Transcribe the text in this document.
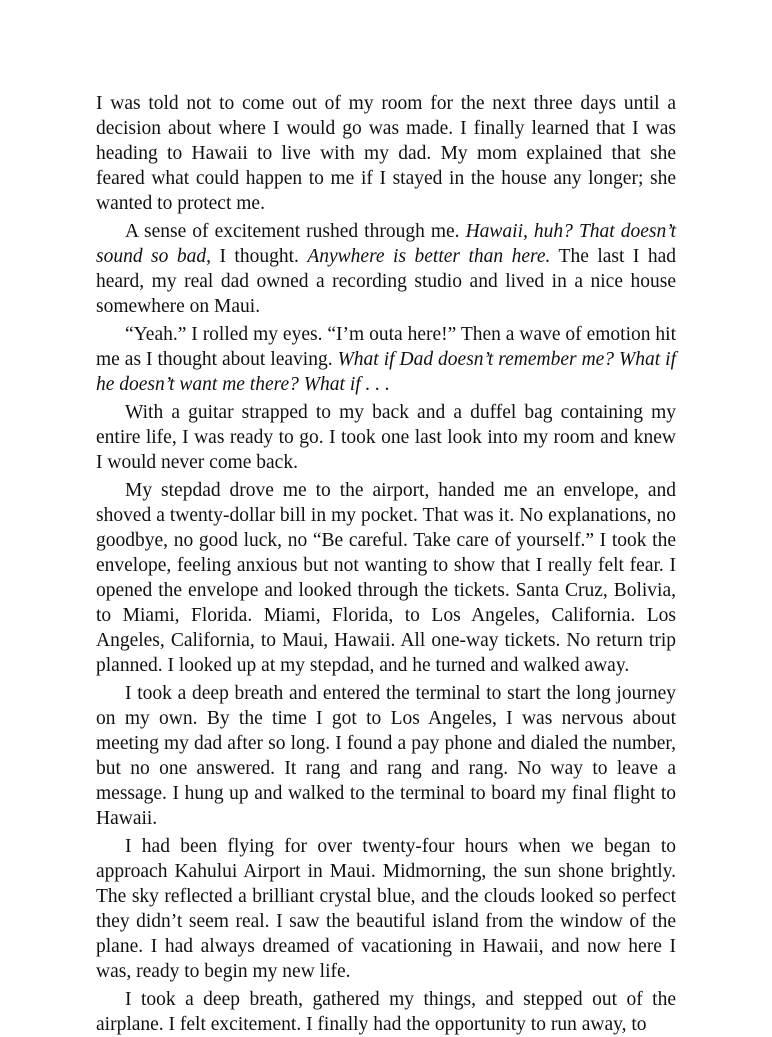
I was told not to come out of my room for the next three days until a decision about where I would go was made. I finally learned that I was heading to Hawaii to live with my dad. My mom explained that she feared what could happen to me if I stayed in the house any longer; she wanted to protect me.

A sense of excitement rushed through me. Hawaii, huh? That doesn’t sound so bad, I thought. Anywhere is better than here. The last I had heard, my real dad owned a recording studio and lived in a nice house somewhere on Maui.

“Yeah.” I rolled my eyes. “I’m outa here!” Then a wave of emotion hit me as I thought about leaving. What if Dad doesn’t remember me? What if he doesn’t want me there? What if . . .

With a guitar strapped to my back and a duffel bag containing my entire life, I was ready to go. I took one last look into my room and knew I would never come back.

My stepdad drove me to the airport, handed me an envelope, and shoved a twenty-dollar bill in my pocket. That was it. No explanations, no goodbye, no good luck, no “Be careful. Take care of yourself.” I took the envelope, feeling anxious but not wanting to show that I really felt fear. I opened the envelope and looked through the tickets. Santa Cruz, Bolivia, to Miami, Florida. Miami, Florida, to Los Angeles, California. Los Angeles, California, to Maui, Hawaii. All one-way tickets. No return trip planned. I looked up at my stepdad, and he turned and walked away.

I took a deep breath and entered the terminal to start the long journey on my own. By the time I got to Los Angeles, I was nervous about meeting my dad after so long. I found a pay phone and dialed the number, but no one answered. It rang and rang and rang. No way to leave a message. I hung up and walked to the terminal to board my final flight to Hawaii.

I had been flying for over twenty-four hours when we began to approach Kahului Airport in Maui. Midmorning, the sun shone brightly. The sky reflected a brilliant crystal blue, and the clouds looked so perfect they didn’t seem real. I saw the beautiful island from the window of the plane. I had always dreamed of vacationing in Hawaii, and now here I was, ready to begin my new life.

I took a deep breath, gathered my things, and stepped out of the airplane. I felt excitement. I finally had the opportunity to run away, to
